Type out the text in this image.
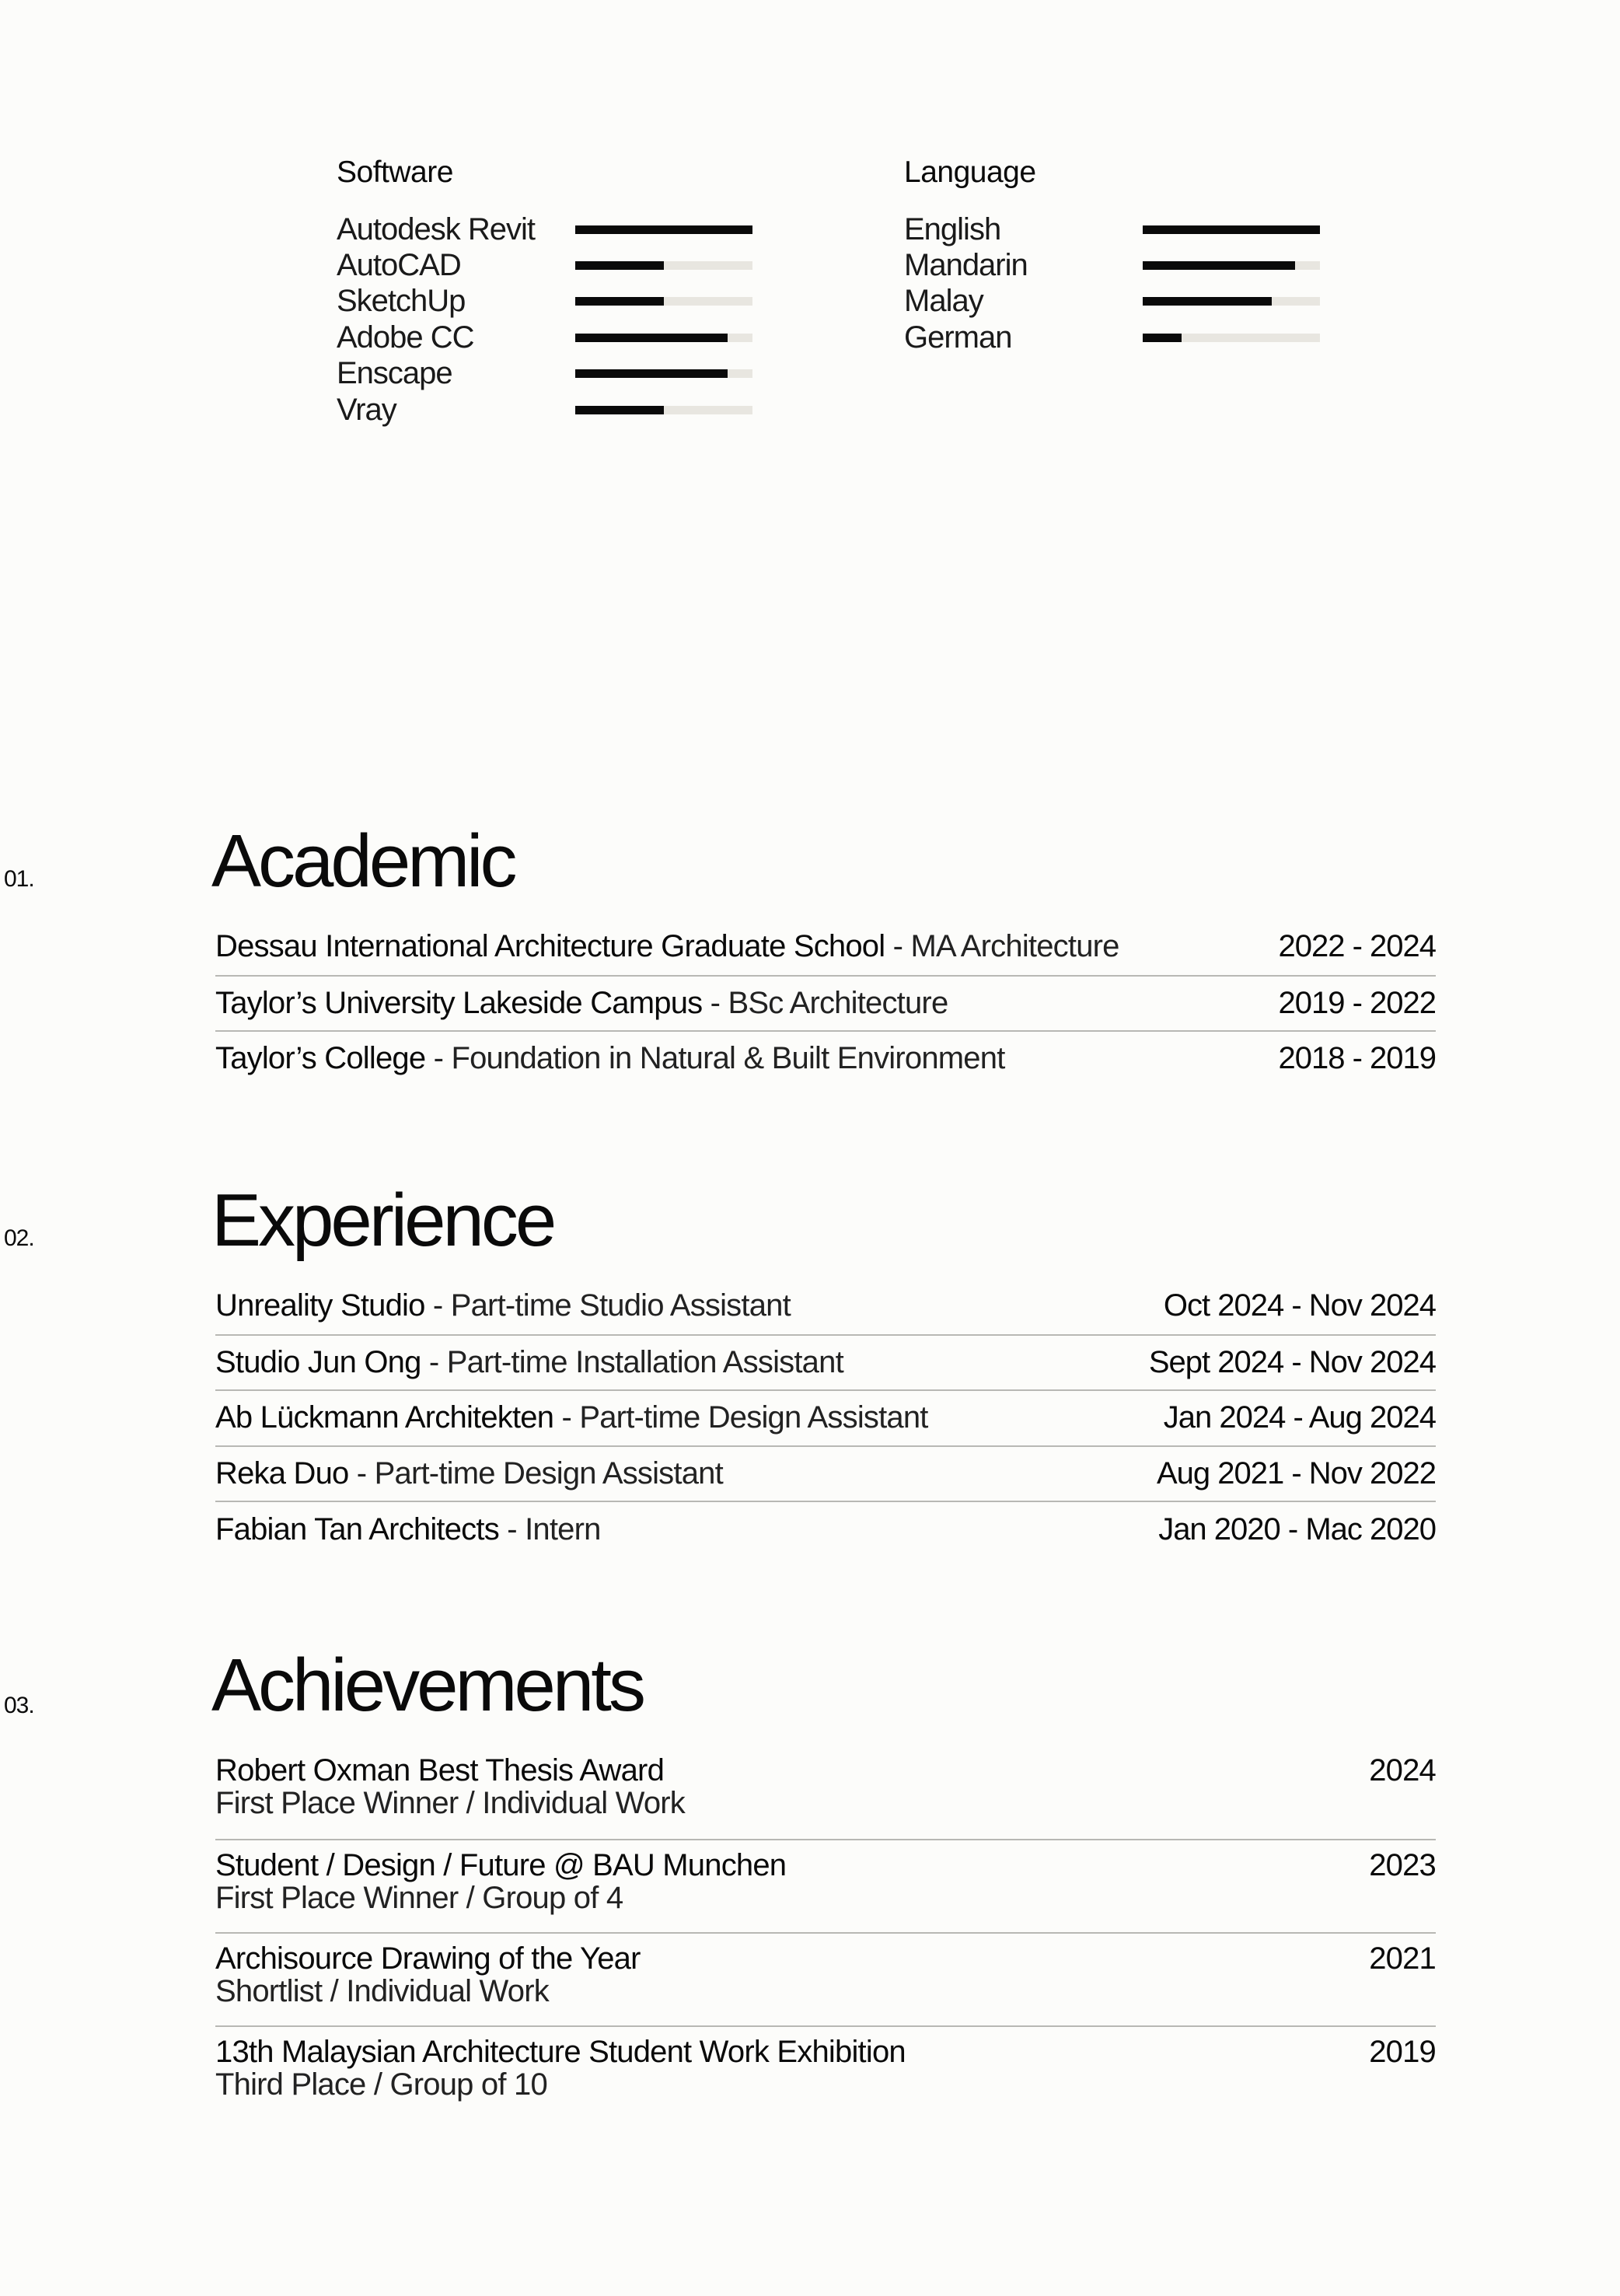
Software
Autodesk Revit
AutoCAD
SketchUp
Adobe CC
Enscape
Vray
Language
English
Mandarin
Malay
German
01. Academic
Dessau International Architecture Graduate School - MA Architecture	2022 - 2024
Taylor’s University Lakeside Campus - BSc Architecture	2019 - 2022
Taylor’s College - Foundation in Natural & Built Environment	2018 - 2019
02. Experience
Unreality Studio - Part-time Studio Assistant	Oct 2024 - Nov 2024
Studio Jun Ong - Part-time Installation Assistant	Sept 2024 - Nov 2024
Ab Lückmann Architekten - Part-time Design Assistant	Jan 2024 - Aug 2024
Reka Duo - Part-time Design Assistant	Aug 2021 - Nov 2022
Fabian Tan Architects - Intern	Jan 2020 - Mac 2020
03. Achievements
Robert Oxman Best Thesis Award
First Place Winner / Individual Work
2024
Student / Design / Future @ BAU Munchen
First Place Winner / Group of 4
2023
Archisource Drawing of the Year
Shortlist / Individual Work
2021
13th Malaysian Architecture Student Work Exhibition
Third Place / Group of 10
2019
